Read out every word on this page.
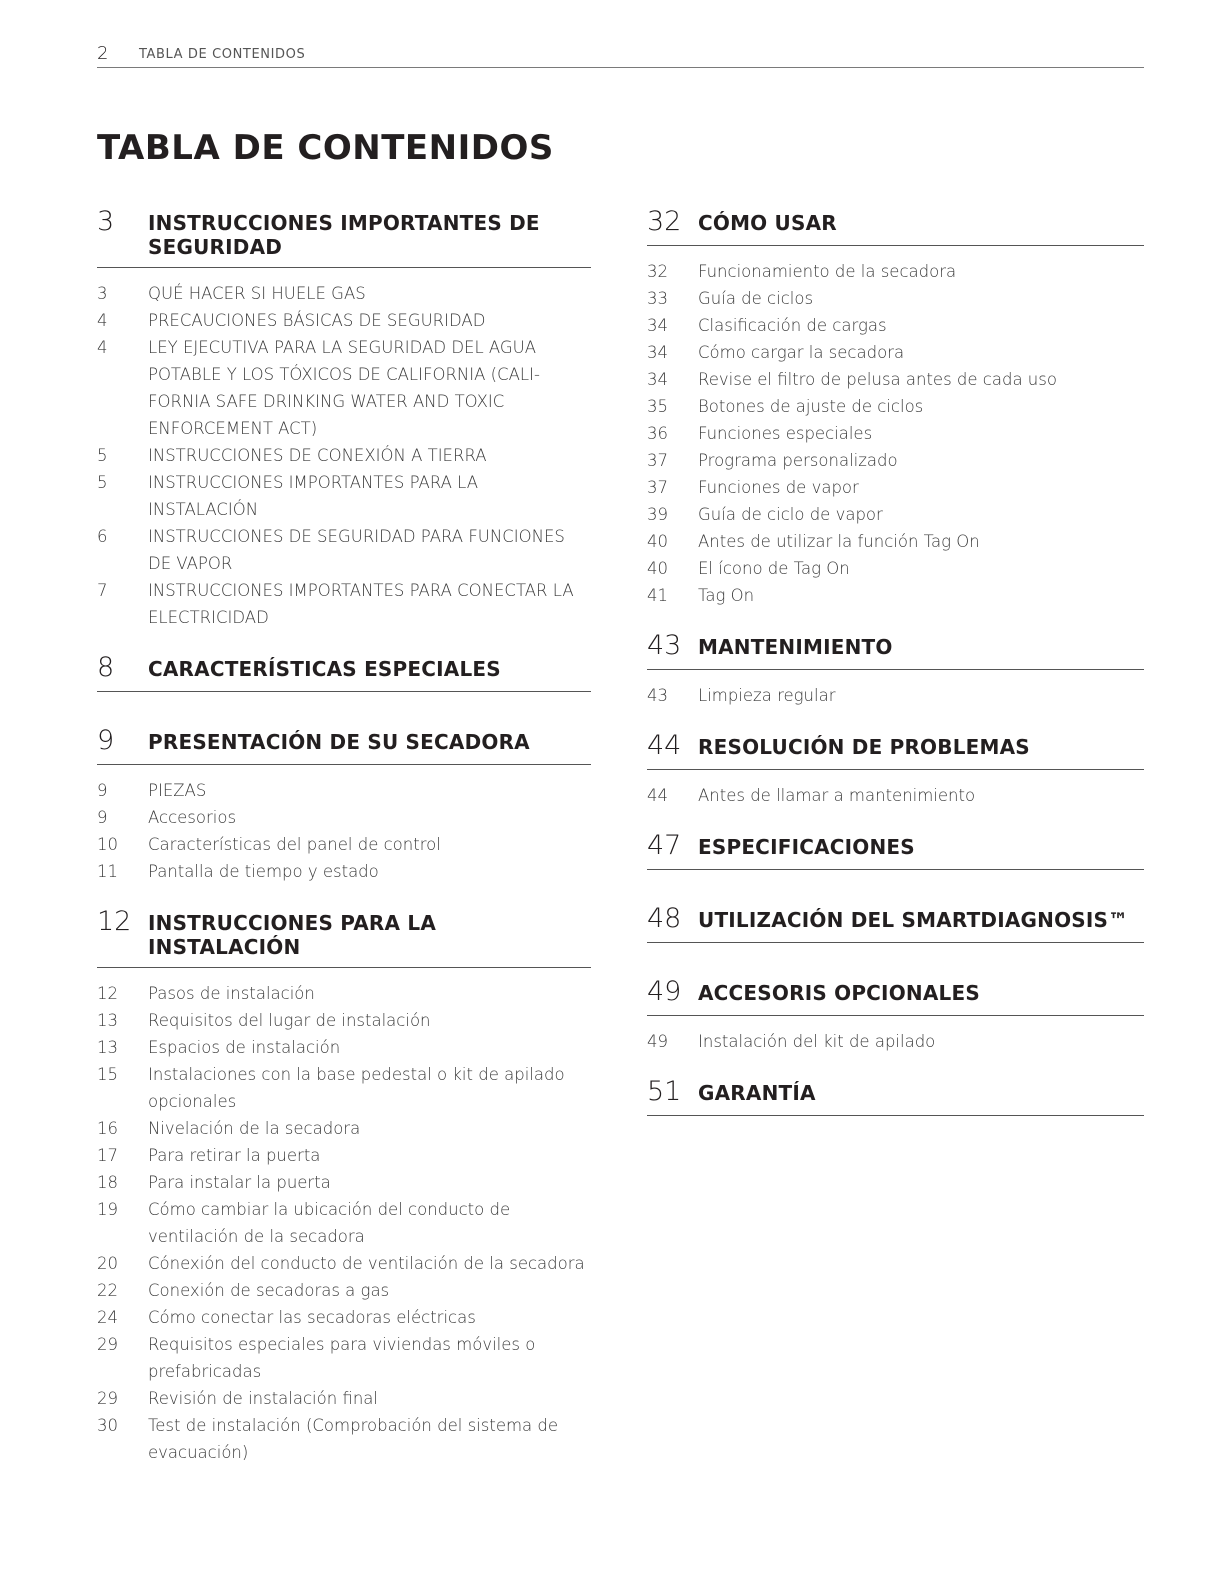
2 TABLA DE CONTENIDOS
TABLA DE CONTENIDOS
3	INSTRUCCIONES IMPORTANTES DE SEGURIDAD
3	QUÉ HACER SI HUELE GAS
4	PRECAUCIONES BÁSICAS DE SEGURIDAD
4	LEY EJECUTIVA PARA LA SEGURIDAD DEL AGUA POTABLE Y LOS TÓXICOS DE CALIFORNIA (CALI-FORNIA SAFE DRINKING WATER AND TOXIC ENFORCEMENT ACT)
5	INSTRUCCIONES DE CONEXIÓN A TIERRA
5	INSTRUCCIONES IMPORTANTES PARA LA INSTALACIÓN
6	INSTRUCCIONES DE SEGURIDAD PARA FUNCIONES DE VAPOR
7	INSTRUCCIONES IMPORTANTES PARA CONECTAR LA ELECTRICIDAD
8	CARACTERÍSTICAS ESPECIALES
9	PRESENTACIÓN DE SU SECADORA
9	PIEZAS
9	Accesorios
10	Características del panel de control
11	Pantalla de tiempo y estado
12 INSTRUCCIONES PARA LA INSTALACIÓN
12	Pasos de instalación
13	Requisitos del lugar de instalación
13	Espacios de instalación
15	Instalaciones con la base pedestal o kit de apilado opcionales
16	Nivelación de la secadora
17	Para retirar la puerta
18	Para instalar la puerta
19	Cómo cambiar la ubicación del conducto de ventilación de la secadora
20	Cónexión del conducto de ventilación de la secadora
22	Conexión de secadoras a gas
24	Cómo conectar las secadoras eléctricas
29	Requisitos especiales para viviendas móviles o prefabricadas
29	Revisión de instalación final
30	Test de instalación (Comprobación del sistema de evacuación)
32 CÓMO USAR
32	Funcionamiento de la secadora
33	Guía de ciclos
34	Clasificación de cargas
34	Cómo cargar la secadora
34	Revise el filtro de pelusa antes de cada uso
35	Botones de ajuste de ciclos
36	Funciones especiales
37	Programa personalizado
37	Funciones de vapor
39	Guía de ciclo de vapor
40	Antes de utilizar la función Tag On
40	El ícono de Tag On
41	Tag On
43 MANTENIMIENTO
43	Limpieza regular
44 RESOLUCIÓN DE PROBLEMAS
44	Antes de llamar a mantenimiento
47 ESPECIFICACIONES
48 UTILIZACIÓN DEL SMARTDIAGNOSIS™
49 ACCESORIS OPCIONALES
49	Instalación del kit de apilado
51 GARANTÍA
